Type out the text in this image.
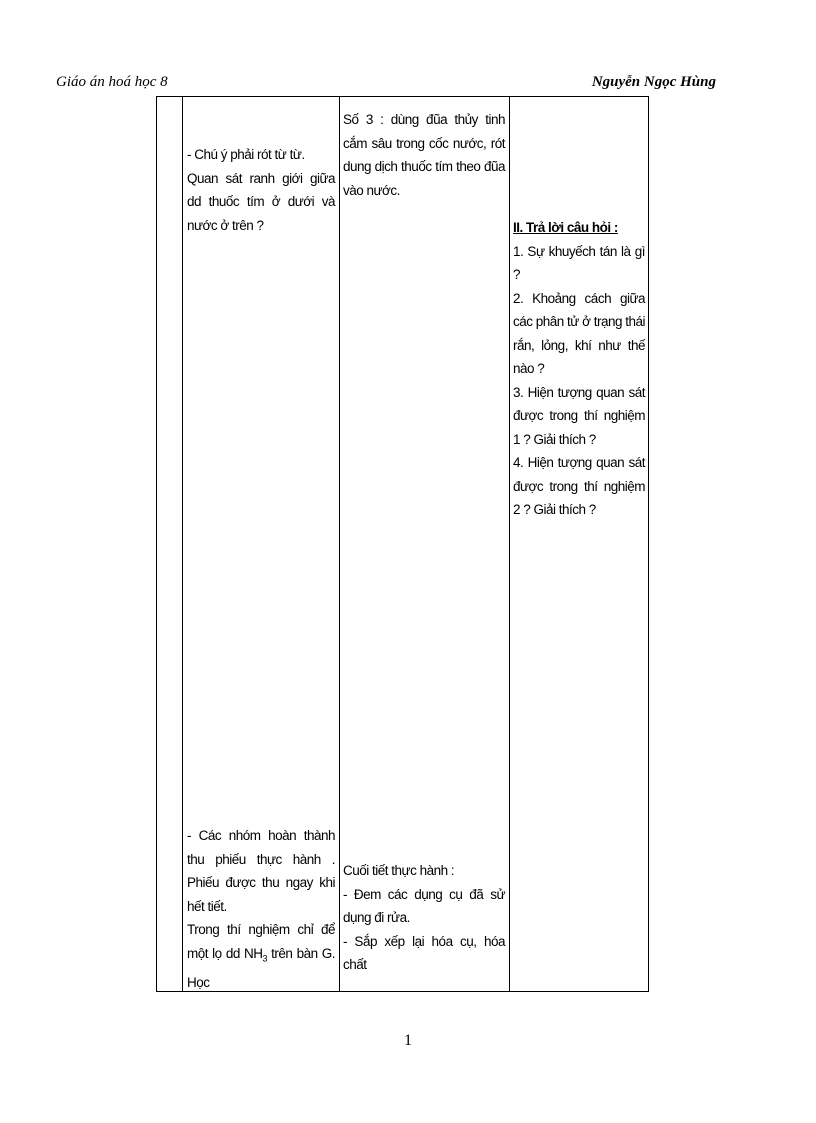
Giáo án hoá học 8	Nguyễn Ngọc Hùng

- Chú ý phải rót từ từ.

Quan sát ranh giới giữa dd thuốc tím ở dưới và nước ở trên ?

Số 3 : dùng đũa thủy tinh cắm sâu trong cốc nước, rót dung dịch thuốc tím theo đũa vào nước.

II. Trả lời câu hỏi :

1. Sự khuyếch tán là gì ?

2. Khoảng cách giữa các phân tử ở trạng thái rắn, lỏng, khí như thế nào ?

3. Hiện tượng quan sát được trong thí nghiệm 1 ? Giải thích ?

4. Hiện tượng quan sát được trong thí nghiệm 2 ? Giải thích ?

- Các nhóm hoàn thành thu phiếu thực hành . Phiếu được thu ngay khi hết tiết.

Trong thí nghiệm chỉ để một lọ dd $NH_3$ trên bàn G. Học

Cuối tiết thực hành :

- Đem các dụng cụ đã sử dụng đi rửa.

- Sắp xếp lại hóa cụ, hóa chất

1
